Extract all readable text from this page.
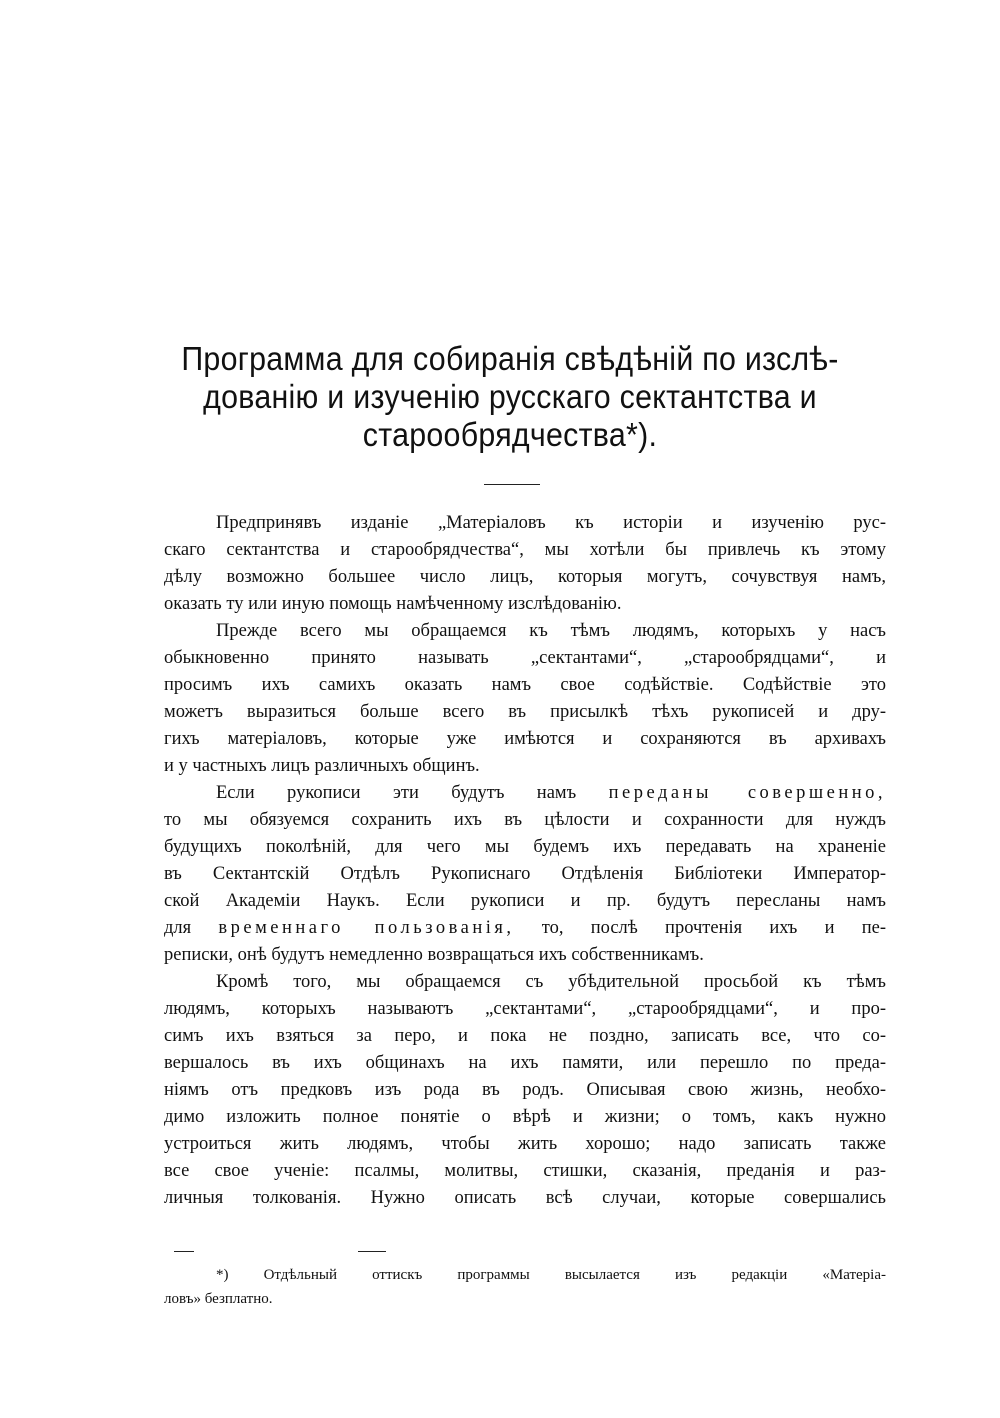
Программа для собиранія свѣдѣній по изслѣ-
дованію и изученію русскаго сектантства и
старообрядчества*).
Предпринявъ изданіе „Матеріаловъ къ исторіи и изученію рус-
скаго сектантства и старообрядчества“, мы хотѣли бы привлечь къ этому
дѣлу возможно большее число лицъ, которыя могутъ, сочувствуя намъ,
оказать ту или иную помощь намѣченному изслѣдованію.
Прежде всего мы обращаемся къ тѣмъ людямъ, которыхъ у насъ
обыкновенно принято называть „сектантами“, „старообрядцами“, и
просимъ ихъ самихъ оказать намъ свое содѣйствіе. Содѣйствіе это
можетъ выразиться больше всего въ присылкѣ тѣхъ рукописей и дру-
гихъ матеріаловъ, которые уже имѣются и сохраняются въ архивахъ
и у частныхъ лицъ различныхъ общинъ.
Если рукописи эти будутъ намъ переданы совершенно,
то мы обязуемся сохранить ихъ въ цѣлости и сохранности для нуждъ
будущихъ поколѣній, для чего мы будемъ ихъ передавать на храненіе
въ Сектантскій Отдѣлъ Рукописнаго Отдѣленія Библіотеки Император-
ской Академіи Наукъ. Если рукописи и пр. будутъ пересланы намъ
для временнаго пользованія, то, послѣ прочтенія ихъ и пе-
реписки, онѣ будутъ немедленно возвращаться ихъ собственникамъ.
Кромѣ того, мы обращаемся съ убѣдительной просьбой къ тѣмъ
людямъ, которыхъ называютъ „сектантами“, „старообрядцами“, и про-
симъ ихъ взяться за перо, и пока не поздно, записать все, что со-
вершалось въ ихъ общинахъ на ихъ памяти, или перешло по преда-
ніямъ отъ предковъ изъ рода въ родъ. Описывая свою жизнь, необхо-
димо изложить полное понятіе о вѣрѣ и жизни; о томъ, какъ нужно
устроиться жить людямъ, чтобы жить хорошо; надо записать также
все свое ученіе: псалмы, молитвы, стишки, сказанія, преданія и раз-
личныя толкованія. Нужно описать всѣ случаи, которые совершались
*) Отдѣльный оттискъ программы высылается изъ редакціи «Матеріа-
ловъ» безплатно.
